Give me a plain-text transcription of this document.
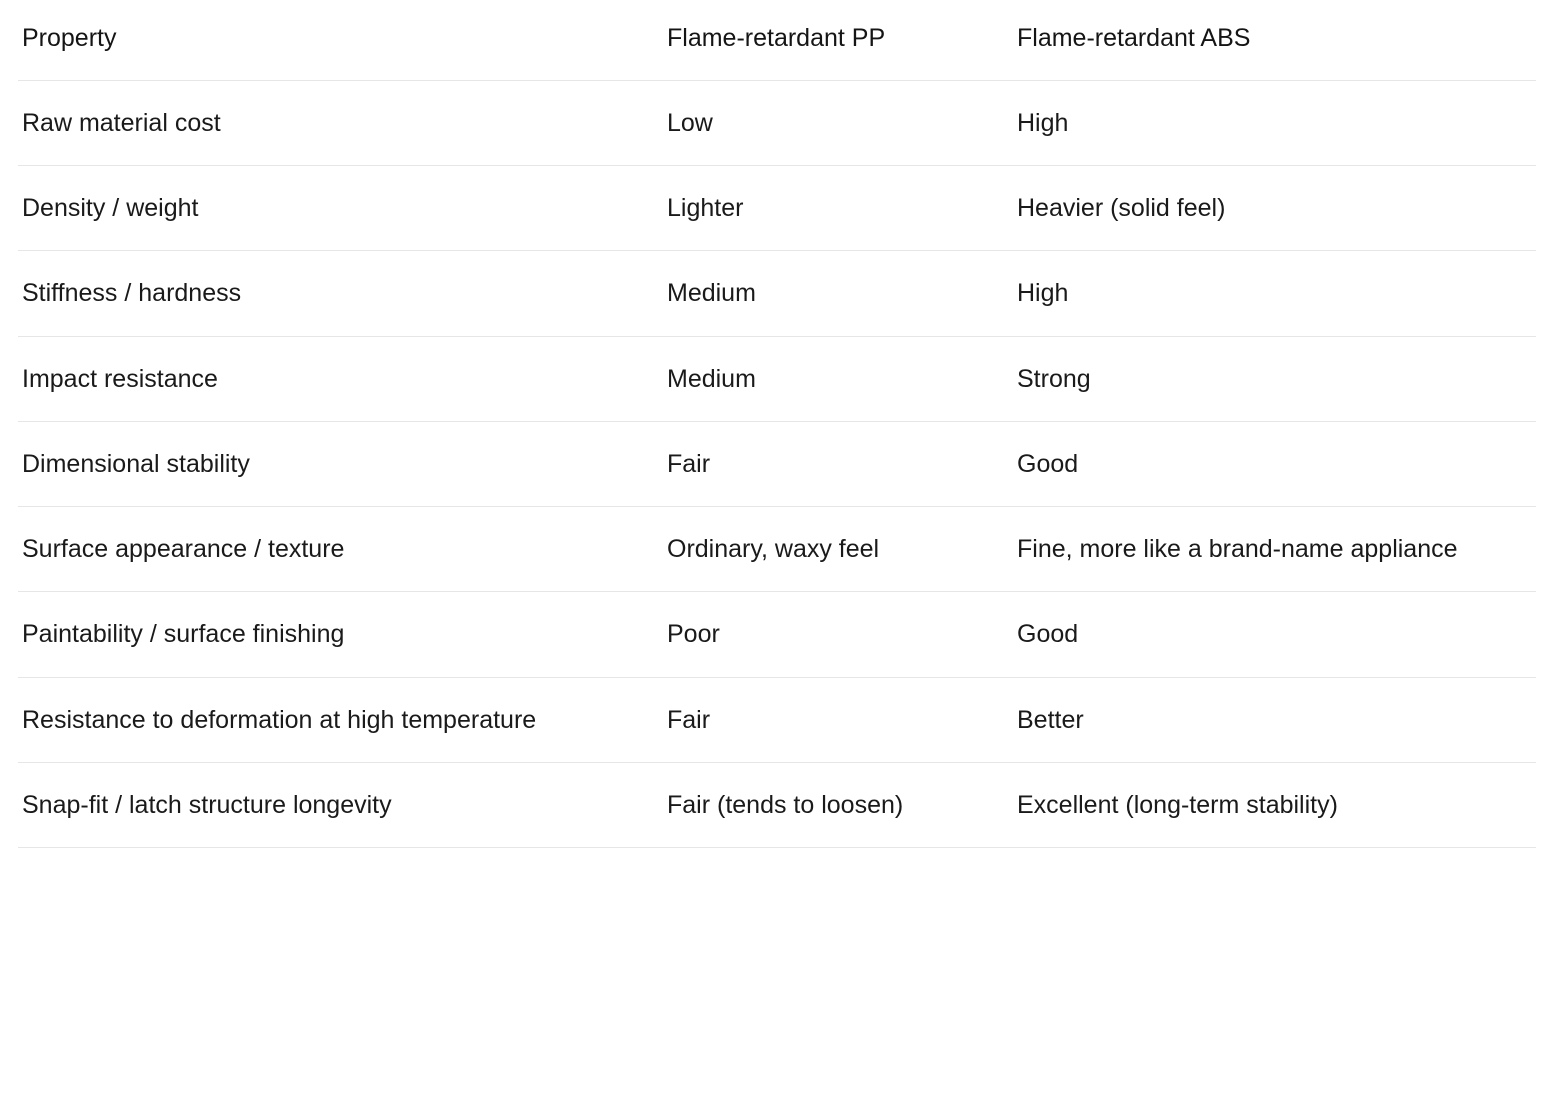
Property	Flame-retardant PP	Flame-retardant ABS

Raw material cost	Low	High

Density / weight	Lighter	Heavier (solid feel)

Stiffness / hardness	Medium	High

Impact resistance	Medium	Strong

Dimensional stability	Fair	Good

Surface appearance / texture	Ordinary, waxy feel	Fine, more like a brand-name appliance

Paintability / surface finishing	Poor	Good

Resistance to deformation at high temperature	Fair	Better

Snap-fit / latch structure longevity	Fair (tends to loosen)	Excellent (long-term stability)
